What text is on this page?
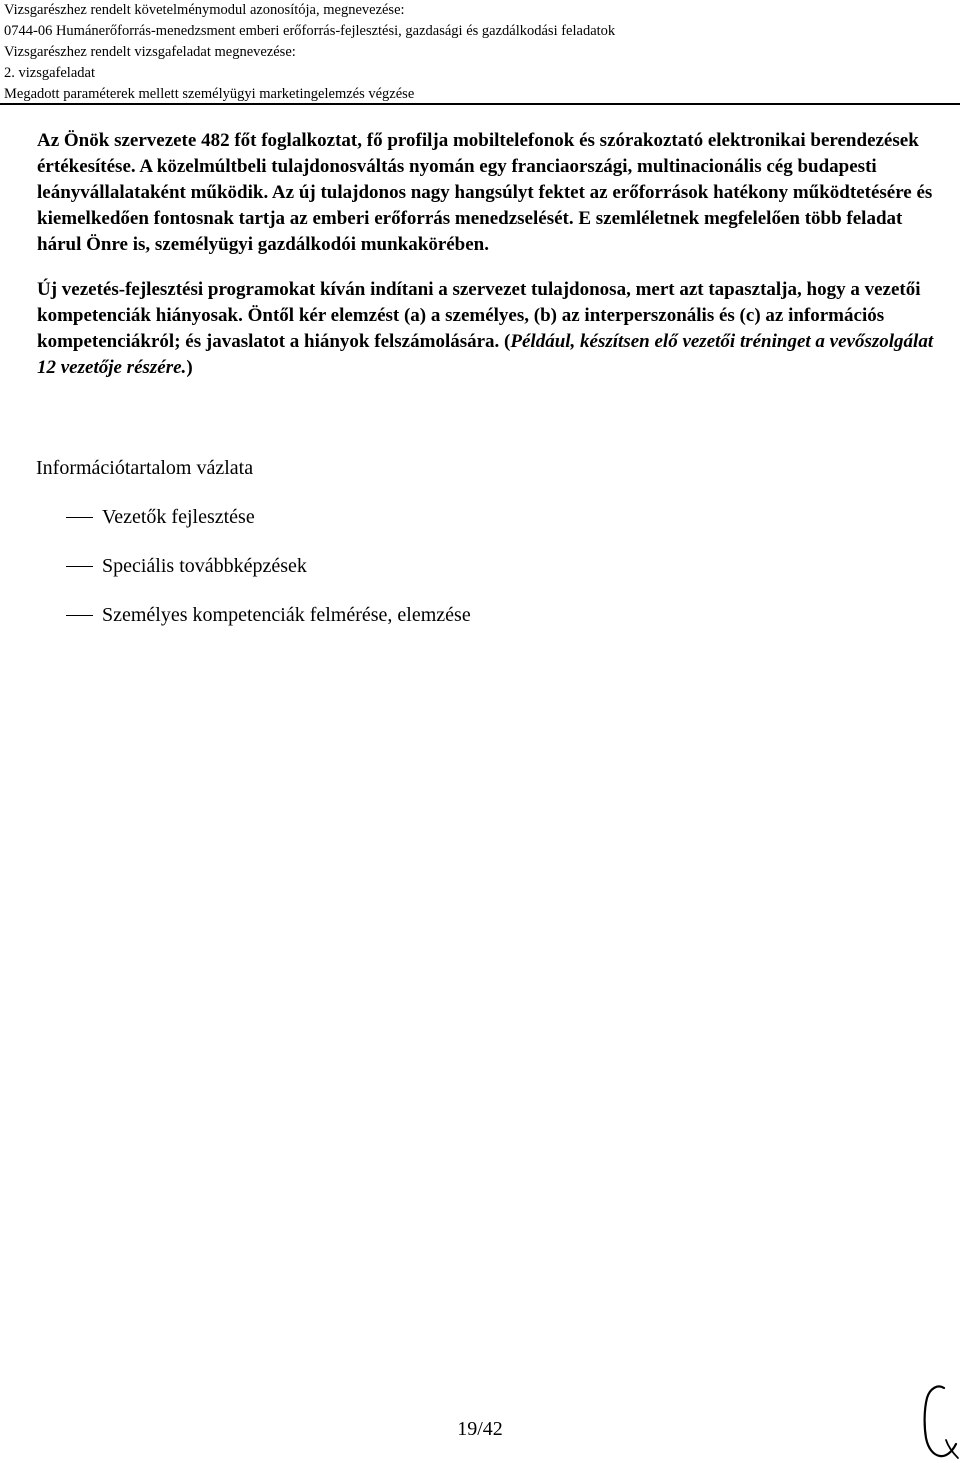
Vizsgarészhez rendelt követelménymodul azonosítója, megnevezése:
0744-06 Humánerőforrás-menedzsment emberi erőforrás-fejlesztési, gazdasági és gazdálkodási feladatok
Vizsgarészhez rendelt vizsgafeladat megnevezése:
2. vizsgafeladat
Megadott paraméterek mellett személyügyi marketingelemzés végzése

Az Önök szervezete 482 főt foglalkoztat, fő profilja mobiltelefonok és szórakoztató elektronikai berendezések értékesítése. A közelmúltbeli tulajdonosváltás nyomán egy franciaországi, multinacionális cég budapesti leányvállalataként működik. Az új tulajdonos nagy hangsúlyt fektet az erőforrások hatékony működtetésére és kiemelkedően fontosnak tartja az emberi erőforrás menedzselését. E szemléletnek megfelelően több feladat hárul Önre is, személyügyi gazdálkodói munkakörében.

Új vezetés-fejlesztési programokat kíván indítani a szervezet tulajdonosa, mert azt tapasztalja, hogy a vezetői kompetenciák hiányosak. Öntől kér elemzést (a) a személyes, (b) az interperszonális és (c) az információs kompetenciákról; és javaslatot a hiányok felszámolására. (Például, készítsen elő vezetői tréninget a vevőszolgálat 12 vezetője részére.)

Információtartalom vázlata

Vezetők fejlesztése
Speciális továbbképzések
Személyes kompetenciák felmérése, elemzése
19/42
